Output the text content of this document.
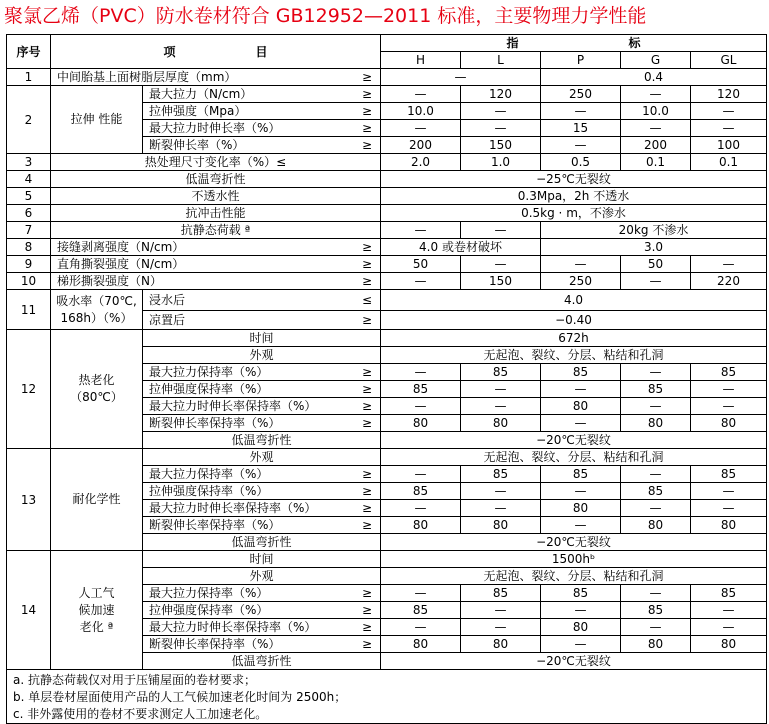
聚氯乙烯（PVC）防水卷材符合 GB12952—2011 标准，主要物理力学性能
序号	项 目		指 标				

			H	L	P	G	GL
1	中间胎基上面树脂层厚度（mm） ≥		—		0.4		
2	拉伸 性能	最大拉力（N/cm） ≥	—	120	250	—	120

		拉伸强度（Mpa） ≥	10.0	—	—	10.0	—

		最大拉力时伸长率（%） ≥	—	—	15	—	—

		断裂伸长率（%） ≥	200	150	—	200	100
3	热处理尺寸变化率（%）≤		2.0	1.0	0.5	0.1	0.1
4	低温弯折性		−25℃无裂纹				
5	不透水性		0.3Mpa，2h 不透水				
6	抗冲击性能		0.5kg · m，不渗水				
7	抗静态荷载 ª		—	—	20kg 不渗水		
8	接缝剥离强度（N/cm） ≥		4.0 或卷材破坏		3.0		
9	直角撕裂强度（N/cm） ≥		50	—	—	50	—
10	梯形撕裂强度（N） ≥		—	150	250	—	220
11	吸水率（70℃,
168h）（%）	浸水后 ≤	4.0				

		凉置后 ≥	−0.40				
12	热老化
（80℃）	时间	672h				
		外观	无起泡、裂纹、分层、粘结和孔洞				

		最大拉力保持率（%） ≥	—	85	85	—	85

		拉伸强度保持率（%） ≥	85	—	—	85	—

		最大拉力时伸长率保持率（%） ≥	—	—	80	—	—

		断裂伸长率保持率（%） ≥	80	80	—	80	80
		低温弯折性	−20℃无裂纹				
13	耐化学性	外观	无起泡、裂纹、分层、粘结和孔洞				

		最大拉力保持率（%） ≥	—	85	85	—	85

		拉伸强度保持率（%） ≥	85	—	—	85	—

		最大拉力时伸长率保持率（%） ≥	—	—	80	—	—

		断裂伸长率保持率（%） ≥	80	80	—	80	80
		低温弯折性	−20℃无裂纹				
14	人工气
候加速
老化 ª	时间	1500hᵇ				
		外观	无起泡、裂纹、分层、粘结和孔洞				

		最大拉力保持率（%） ≥	—	85	85	—	85

		拉伸强度保持率（%） ≥	85	—	—	85	—

		最大拉力时伸长率保持率（%） ≥	—	—	80	—	—

		断裂伸长率保持率（%） ≥	80	80	—	80	80
		低温弯折性	−20℃无裂纹				
a. 抗静态荷载仅对用于压铺屋面的卷材要求；
b. 单层卷材屋面使用产品的人工气候加速老化时间为 2500h；
c. 非外露使用的卷材不要求测定人工加速老化。							
